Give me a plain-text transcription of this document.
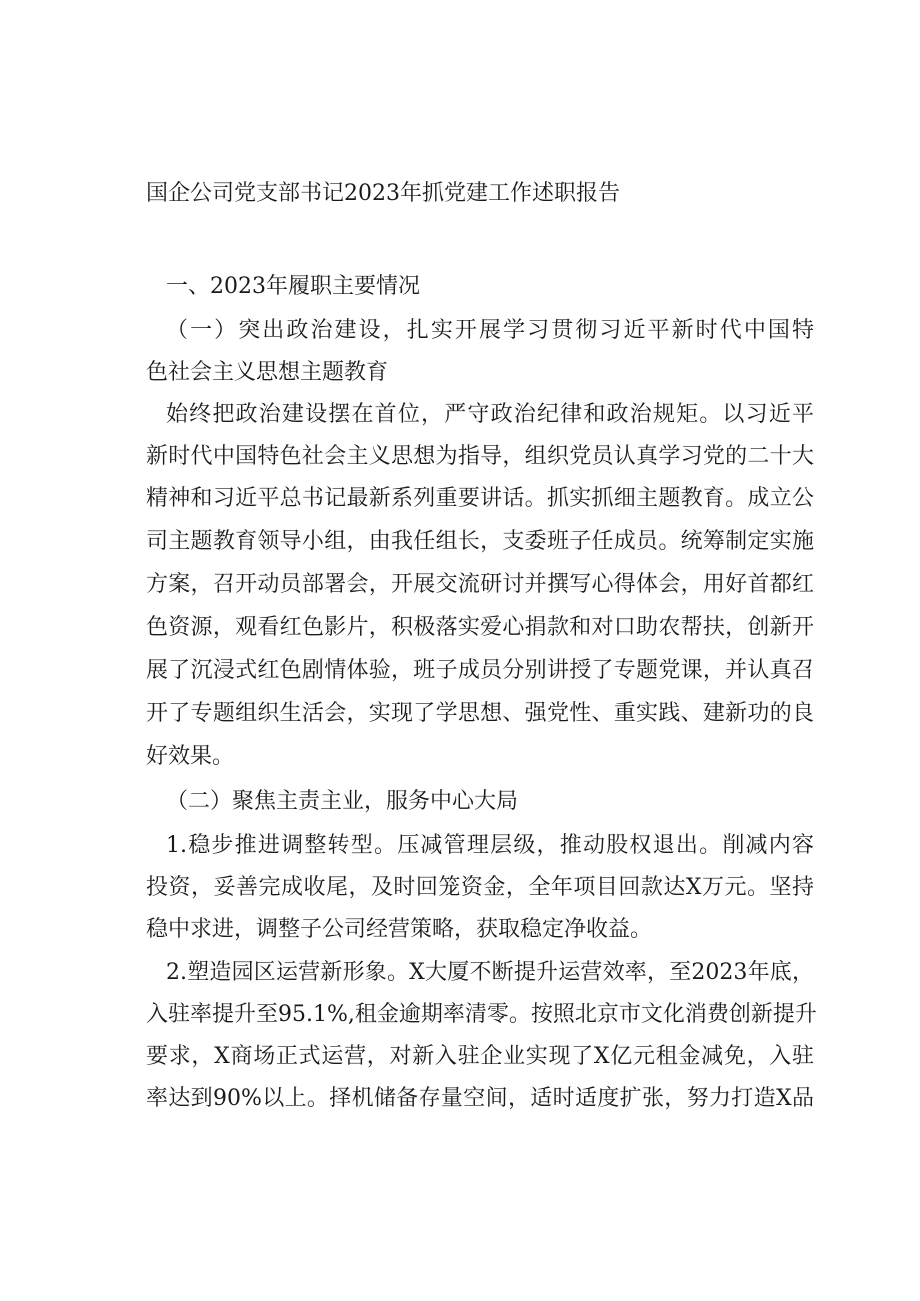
国企公司党支部书记2023年抓党建工作述职报告
一、2023年履职主要情况
（一）突出政治建设，扎实开展学习贯彻习近平新时代中国特
色社会主义思想主题教育
始终把政治建设摆在首位，严守政治纪律和政治规矩。以习近平
新时代中国特色社会主义思想为指导，组织党员认真学习党的二十大
精神和习近平总书记最新系列重要讲话。抓实抓细主题教育。成立公
司主题教育领导小组，由我任组长，支委班子任成员。统筹制定实施
方案，召开动员部署会，开展交流研讨并撰写心得体会，用好首都红
色资源，观看红色影片，积极落实爱心捐款和对口助农帮扶，创新开
展了沉浸式红色剧情体验，班子成员分别讲授了专题党课，并认真召
开了专题组织生活会，实现了学思想、强党性、重实践、建新功的良
好效果。
（二）聚焦主责主业，服务中心大局
1.稳步推进调整转型。压减管理层级，推动股权退出。削减内容
投资，妥善完成收尾，及时回笼资金，全年项目回款达X万元。坚持
稳中求进，调整子公司经营策略，获取稳定净收益。
2.塑造园区运营新形象。X大厦不断提升运营效率，至2023年底，
入驻率提升至95.1%,租金逾期率清零。按照北京市文化消费创新提升
要求，X商场正式运营，对新入驻企业实现了X亿元租金减免，入驻
率达到90%以上。择机储备存量空间，适时适度扩张，努力打造X品
